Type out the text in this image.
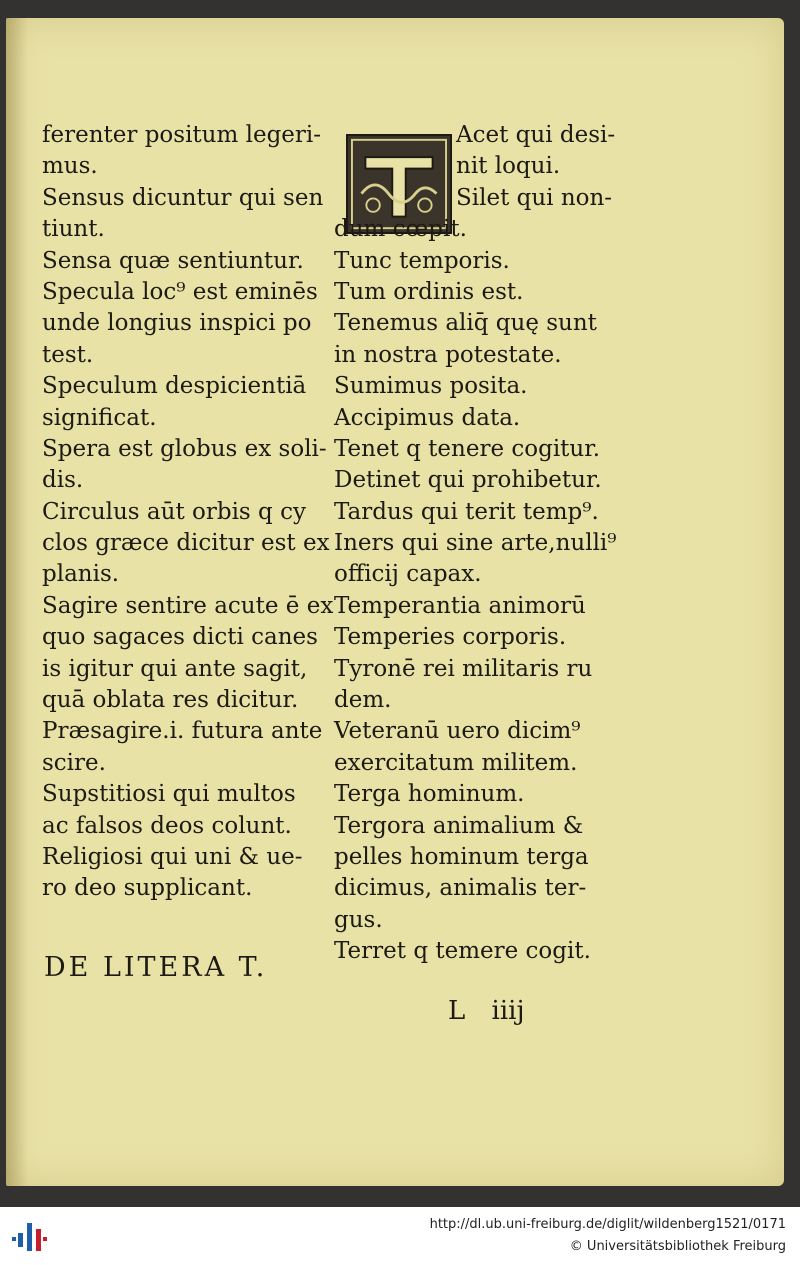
ferenter positum legeri-
mus.
Sensus dicuntur qui sen
tiunt.
Sensa quæ sentiuntur.
Specula loc⁹ est eminēs
unde longius inspici po
test.
Speculum despicientiā
significat.
Spera est globus ex soli-
dis.
Circulus aūt orbis q cy
clos græce dicitur est ex
planis.
Sagire sentire acute ē ex
quo sagaces dicti canes
is igitur qui ante sagit,
quā oblata res dicitur.
Præsagire.i. futura ante
scire.
Supstitiosi qui multos
ac falsos deos colunt.
Religiosi qui uni & ue-
ro deo supplicant.
DE LITERA T.
Acet qui desi-
nit loqui.
Silet qui non-
dum cœpit.
Tunc temporis.
Tum ordinis est.
Tenemus aliq̄ quę sunt
in nostra potestate.
Sumimus posita.
Accipimus data.
Tenet q tenere cogitur.
Detinet qui prohibetur.
Tardus qui terit temp⁹.
Iners qui sine arte,nulli⁹
officij capax.
Temperantia animorū
Temperies corporis.
Tyronē rei militaris ru
dem.
Veteranū uero dicim⁹
exercitatum militem.
Terga hominum.
Tergora animalium &
pelles hominum terga
dicimus, animalis ter-
gus.
Terret q temere cogit.
L iiij
http://dl.ub.uni-freiburg.de/diglit/wildenberg1521/0171
© Universitätsbibliothek Freiburg
